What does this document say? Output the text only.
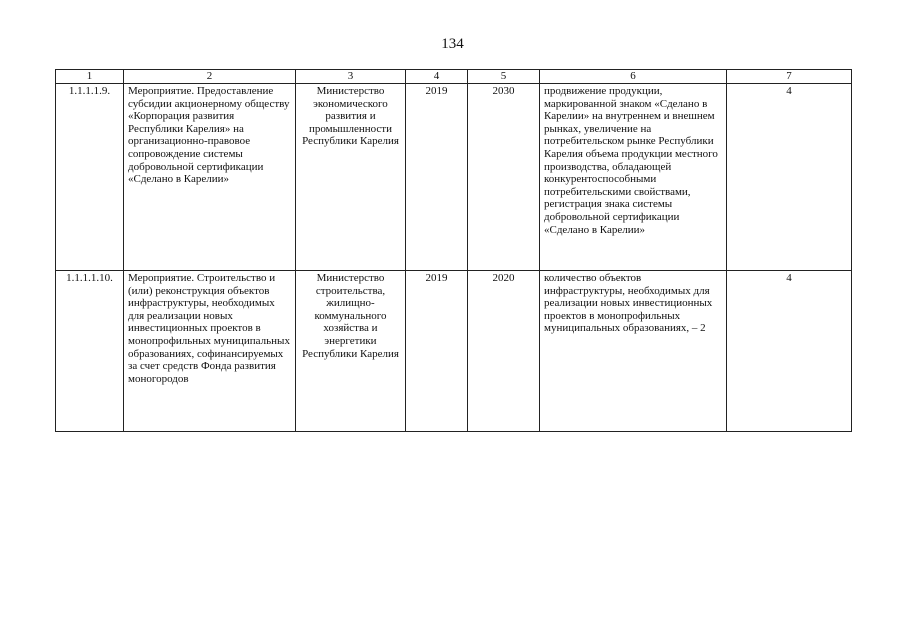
134
1	2	3	4	5	6	7
1.1.1.1.9.	Мероприятие. Предоставление субсидии акционерному обществу «Корпорация развития Республики Карелия» на организационно-правовое сопровождение системы добровольной сертификации «Сделано в Карелии»	Министерство экономического развития и промышленности Республики Карелия	2019	2030	продвижение продукции, маркированной знаком «Сделано в Карелии» на внутреннем и внешнем рынках, увеличение на потребительском рынке Республики Карелия объема продукции местного производства, обладающей конкурентоспособными потребительскими свойствами, регистрация знака системы добровольной сертификации «Сделано в Карелии»	4
1.1.1.1.10.	Мероприятие. Строительство и (или) реконструкция объектов инфраструктуры, необходимых для реализации новых инвестиционных проектов в монопрофильных муниципальных образованиях, софинансируемых за счет средств Фонда развития моногородов	Министерство строительства, жилищно-коммунального хозяйства и энергетики Республики Карелия	2019	2020	количество объектов инфраструктуры, необходимых для реализации новых инвестиционных проектов в монопрофильных муниципальных образованиях, – 2	4
